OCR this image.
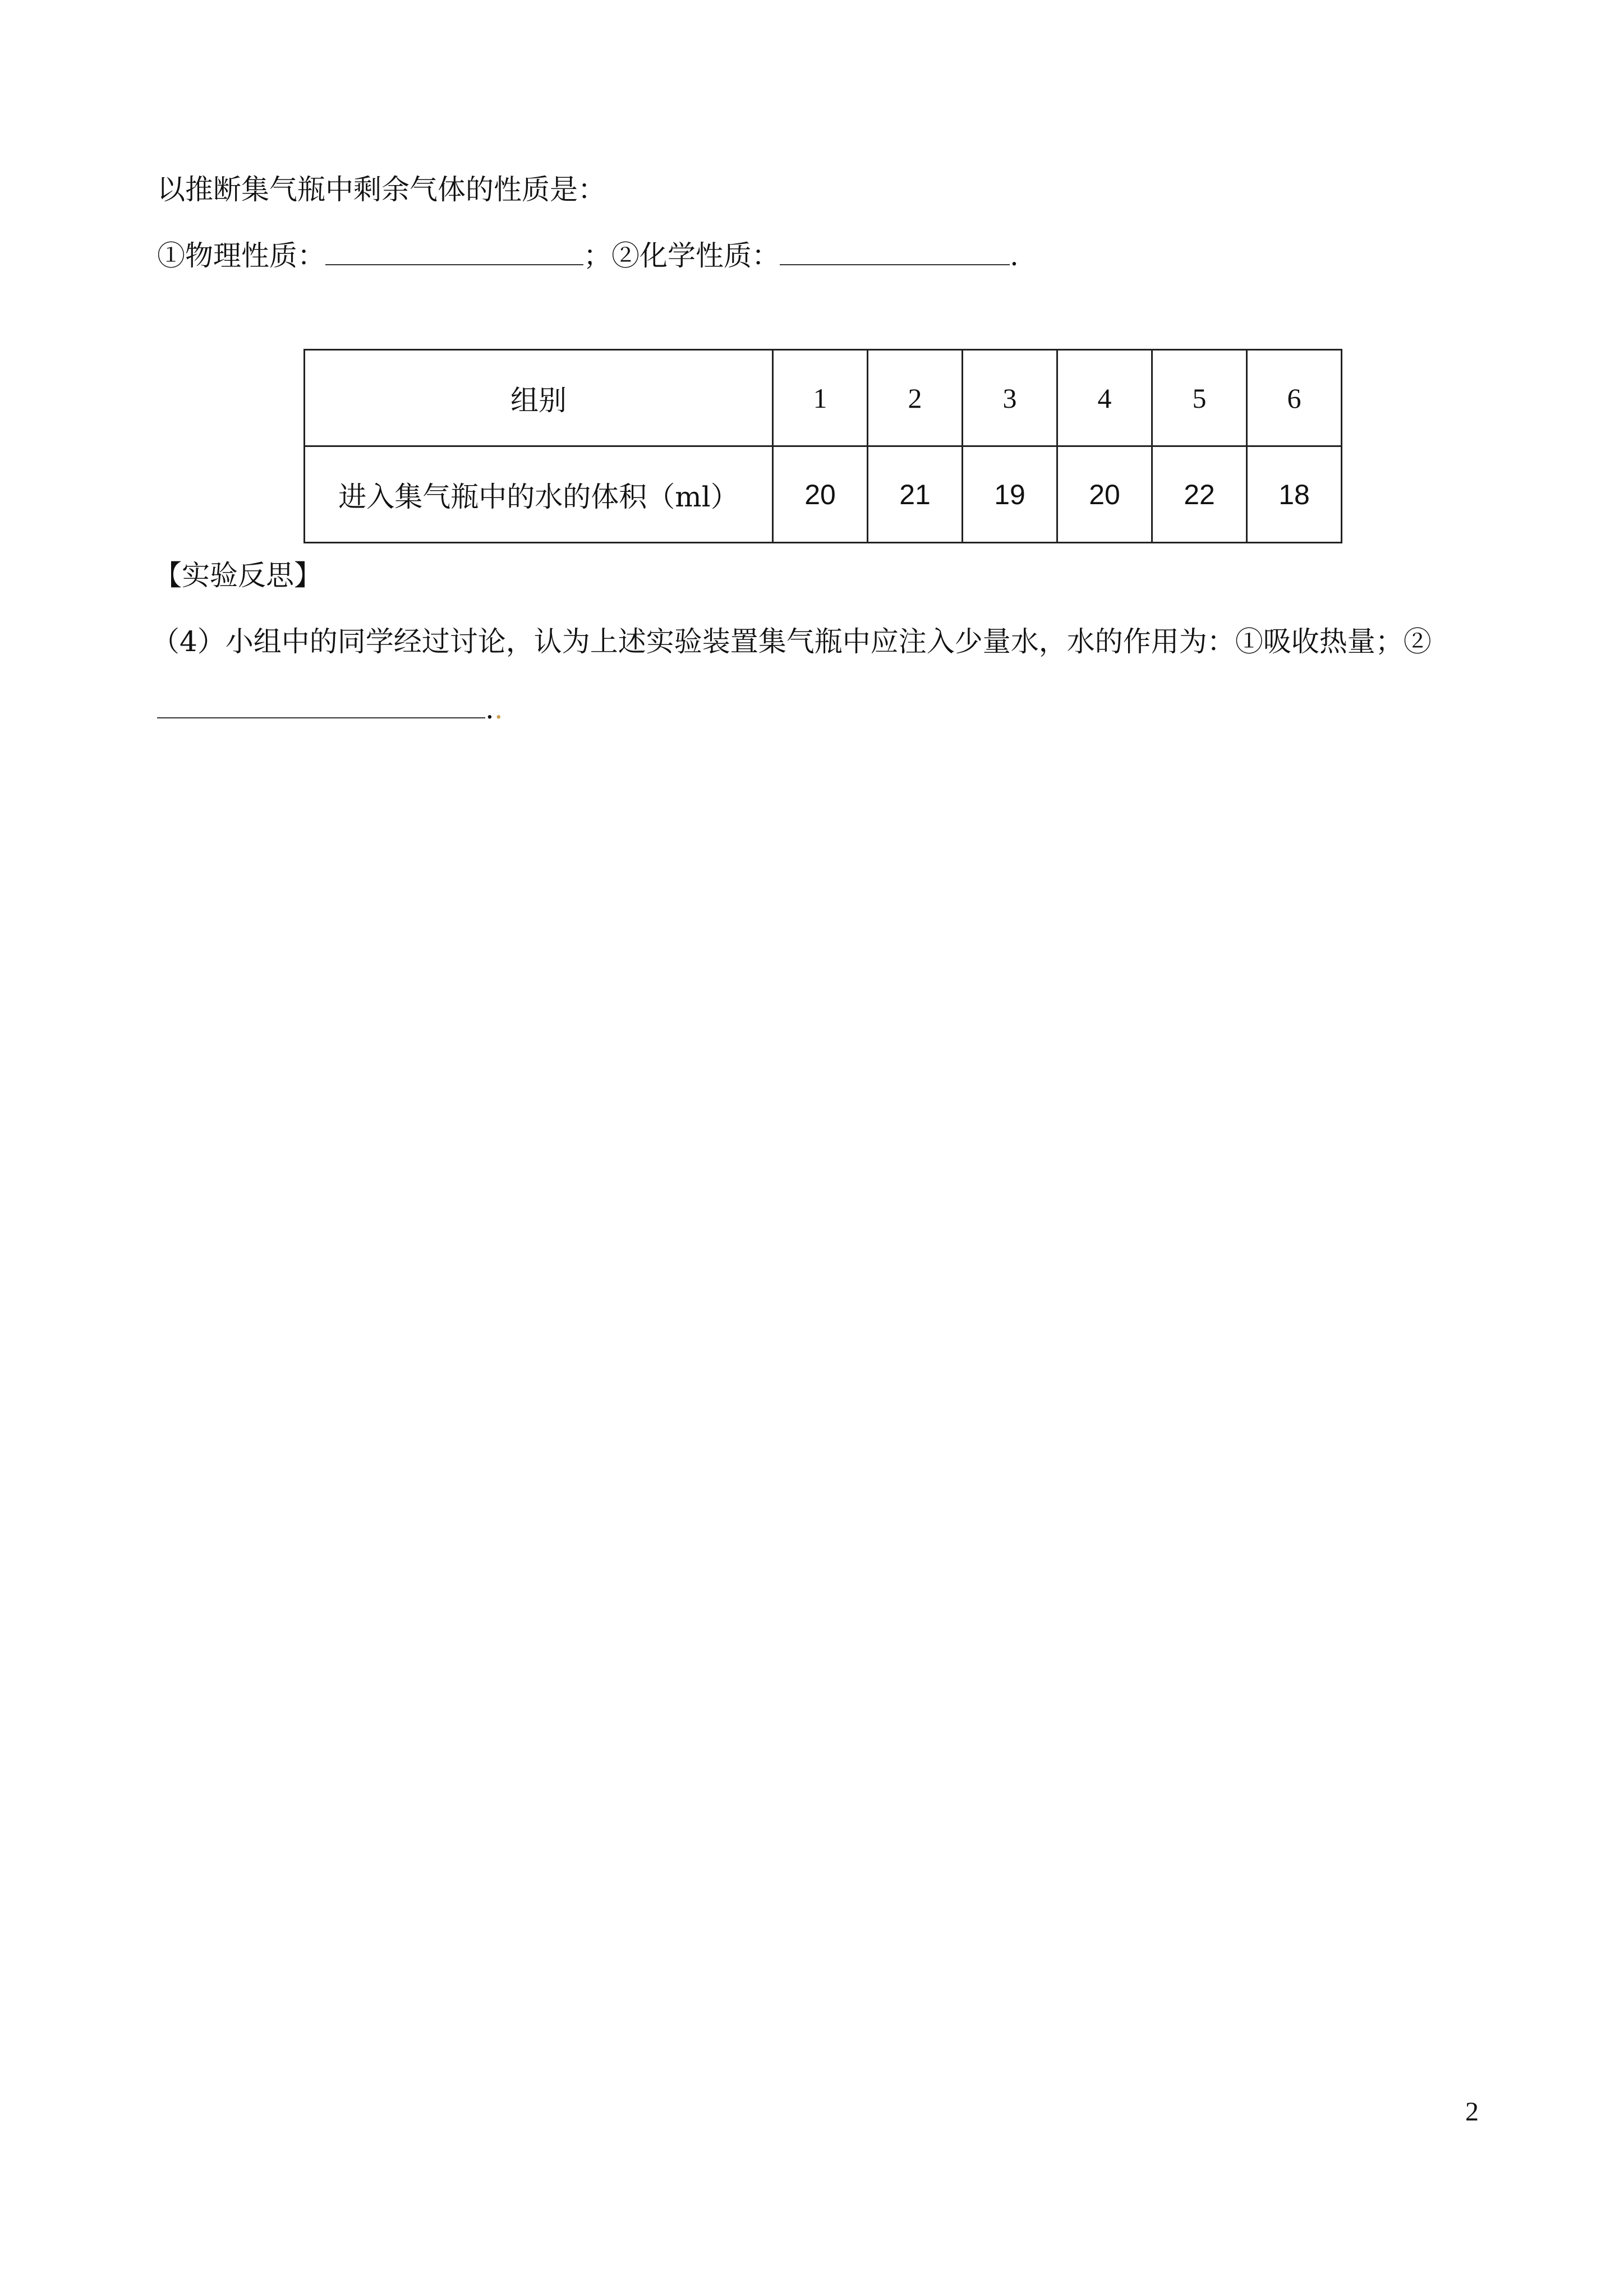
以推断集气瓶中剩余气体的性质是：
①物理性质：	；②化学性质：	.
组别	1	2	3	4	5	6
进入集气瓶中的水的体积（ml）	20	21	19	20	22	18
【实验反思】
（4）小组中的同学经过讨论，认为上述实验装置集气瓶中应注入少量水，水的作用为：①吸收热量；②
..
2
